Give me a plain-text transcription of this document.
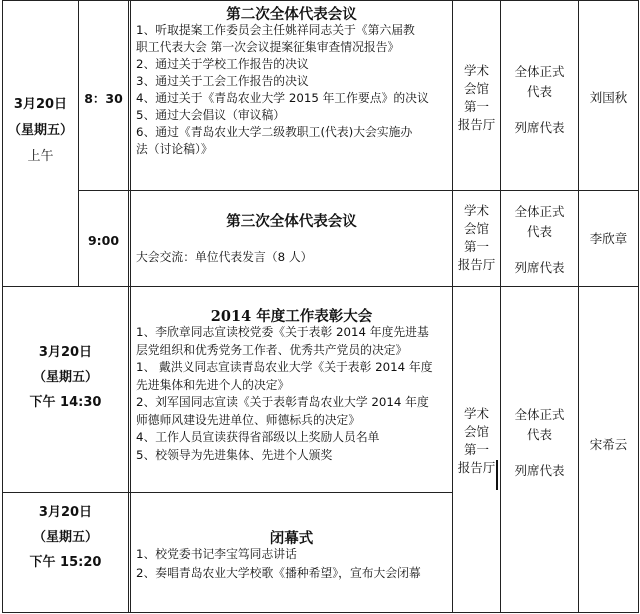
3月20日
（星期五）
上午
8：30
第二次全体代表会议
1、听取提案工作委员会主任姚祥同志关于《第六届教
职工代表大会 第一次会议提案征集审查情况报告》
2、通过关于学校工作报告的决议
3、通过关于工会工作报告的决议
4、通过关于《青岛农业大学 2015 年工作要点》的决议
5、通过大会倡议（审议稿）
6、通过《青岛农业大学二级教职工(代表)大会实施办
法（讨论稿）》
学术
会馆
第一
报告厅
全体正式
代表
列席代表
刘国秋
9:00
第三次全体代表会议
大会交流：单位代表发言（8 人）
学术
会馆
第一
报告厅
全体正式
代表
列席代表
李欣章
3月20日
（星期五）
下午 14:30
2014 年度工作表彰大会
1、李欣章同志宣读校党委《关于表彰 2014 年度先进基
层党组织和优秀党务工作者、优秀共产党员的决定》
1、 戴洪义同志宣读青岛农业大学《关于表彰 2014 年度
先进集体和先进个人的决定》
2、刘军国同志宣读《关于表彰青岛农业大学 2014 年度
师德师风建设先进单位、师德标兵的决定》
4、工作人员宣读获得省部级以上奖励人员名单
5、校领导为先进集体、先进个人颁奖
学术
会馆
第一
报告厅
全体正式
代表
列席代表
宋希云
3月20日
（星期五）
下午 15:20
闭幕式
1、校党委书记李宝笃同志讲话
2、奏唱青岛农业大学校歌《播种希望》，宣布大会闭幕
